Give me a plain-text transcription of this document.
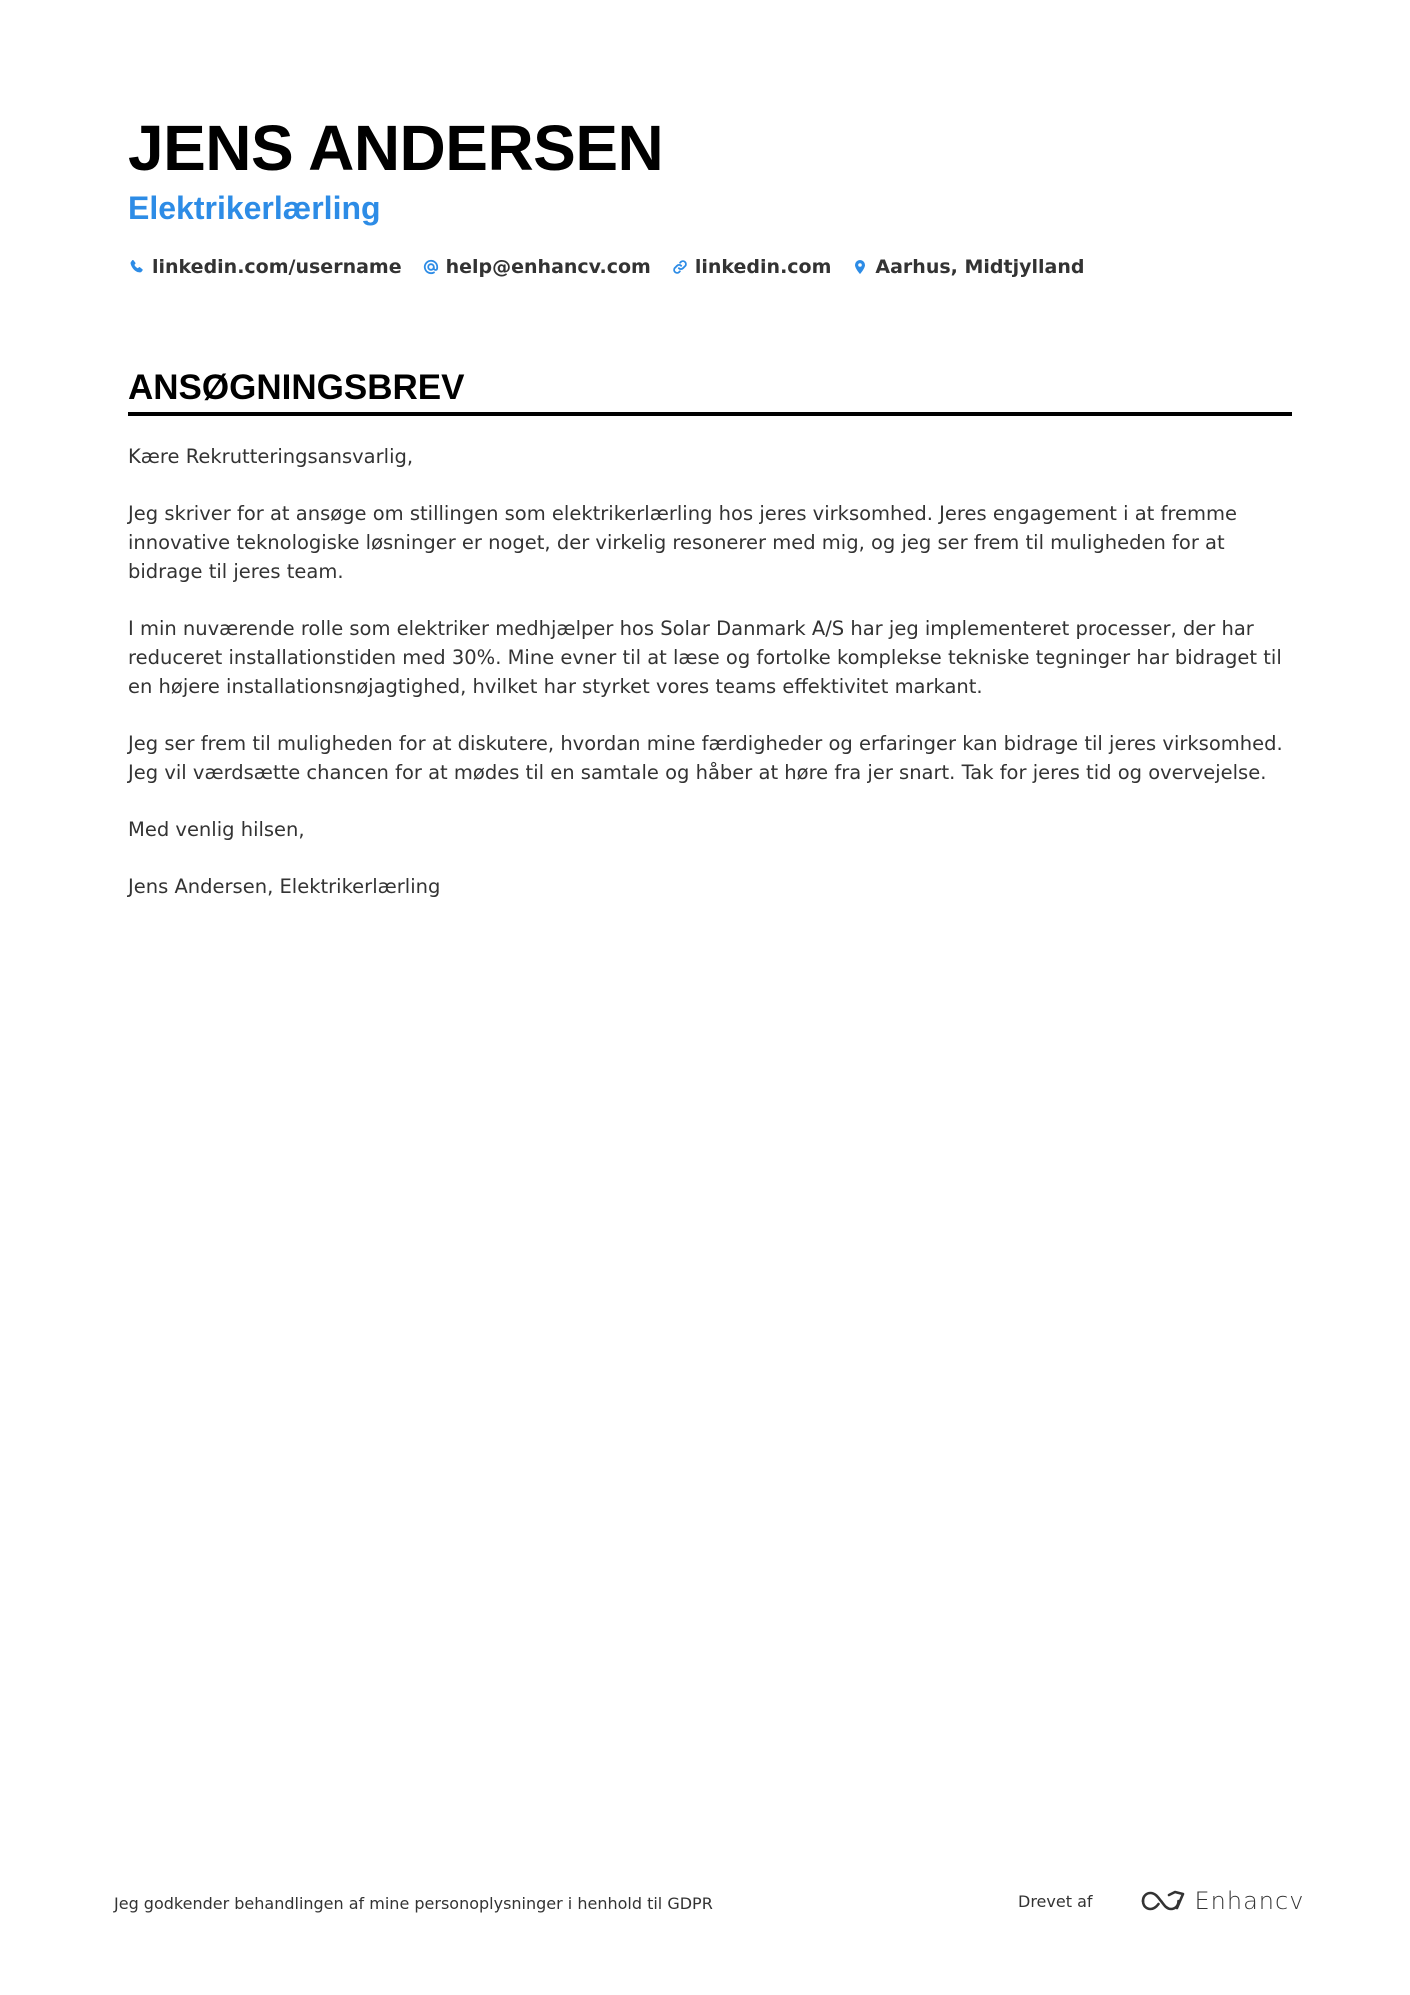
JENS ANDERSEN
Elektrikerlærling
linkedin.com/username help@enhancv.com linkedin.com Aarhus, Midtjylland
ANSØGNINGSBREV

Kære Rekrutteringsansvarlig,

Jeg skriver for at ansøge om stillingen som elektrikerlærling hos jeres virksomhed. Jeres engagement i at fremme innovative teknologiske løsninger er noget, der virkelig resonerer med mig, og jeg ser frem til muligheden for at bidrage til jeres team.

I min nuværende rolle som elektriker medhjælper hos Solar Danmark A/S har jeg implementeret processer, der har reduceret installationstiden med 30%. Mine evner til at læse og fortolke komplekse tekniske tegninger har bidraget til en højere installationsnøjagtighed, hvilket har styrket vores teams effektivitet markant.

Jeg ser frem til muligheden for at diskutere, hvordan mine færdigheder og erfaringer kan bidrage til jeres virksomhed. Jeg vil værdsætte chancen for at mødes til en samtale og håber at høre fra jer snart. Tak for jeres tid og overvejelse.

Med venlig hilsen,

Jens Andersen, Elektrikerlærling

Jeg godkender behandlingen af mine personoplysninger i henhold til GDPR	Drevet af	Enhancv
